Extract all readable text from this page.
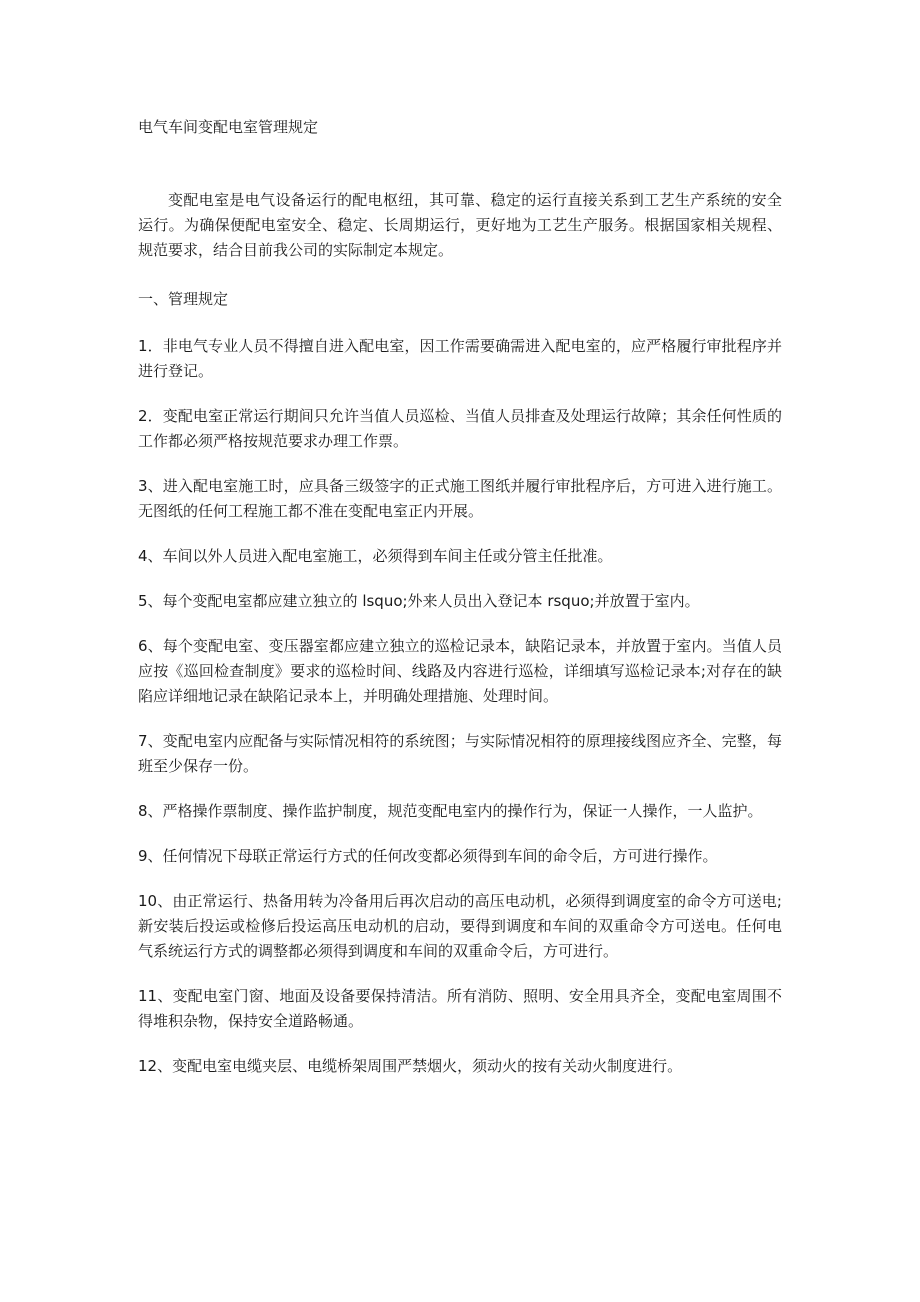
电气车间变配电室管理规定

变配电室是电气设备运行的配电枢纽，其可靠、稳定的运行直接关系到工艺生产系统的安全运行。为确保便配电室安全、稳定、长周期运行，更好地为工艺生产服务。根据国家相关规程、规范要求，结合目前我公司的实际制定本规定。

一、管理规定

1．非电气专业人员不得擅自进入配电室，因工作需要确需进入配电室的，应严格履行审批程序并进行登记。

2．变配电室正常运行期间只允许当值人员巡检、当值人员排查及处理运行故障；其余任何性质的工作都必须严格按规范要求办理工作票。

3、进入配电室施工时，应具备三级签字的正式施工图纸并履行审批程序后，方可进入进行施工。无图纸的任何工程施工都不准在变配电室正内开展。

4、车间以外人员进入配电室施工，必须得到车间主任或分管主任批准。

5、每个变配电室都应建立独立的 lsquo;外来人员出入登记本 rsquo;并放置于室内。

6、每个变配电室、变压器室都应建立独立的巡检记录本，缺陷记录本，并放置于室内。当值人员应按《巡回检查制度》要求的巡检时间、线路及内容进行巡检，详细填写巡检记录本;对存在的缺陷应详细地记录在缺陷记录本上，并明确处理措施、处理时间。

7、变配电室内应配备与实际情况相符的系统图；与实际情况相符的原理接线图应齐全、完整，每班至少保存一份。

8、严格操作票制度、操作监护制度，规范变配电室内的操作行为，保证一人操作，一人监护。

9、任何情况下母联正常运行方式的任何改变都必须得到车间的命令后，方可进行操作。

10、由正常运行、热备用转为冷备用后再次启动的高压电动机，必须得到调度室的命令方可送电;新安装后投运或检修后投运高压电动机的启动，要得到调度和车间的双重命令方可送电。任何电气系统运行方式的调整都必须得到调度和车间的双重命令后，方可进行。

11、变配电室门窗、地面及设备要保持清洁。所有消防、照明、安全用具齐全，变配电室周围不得堆积杂物，保持安全道路畅通。

12、变配电室电缆夹层、电缆桥架周围严禁烟火，须动火的按有关动火制度进行。
